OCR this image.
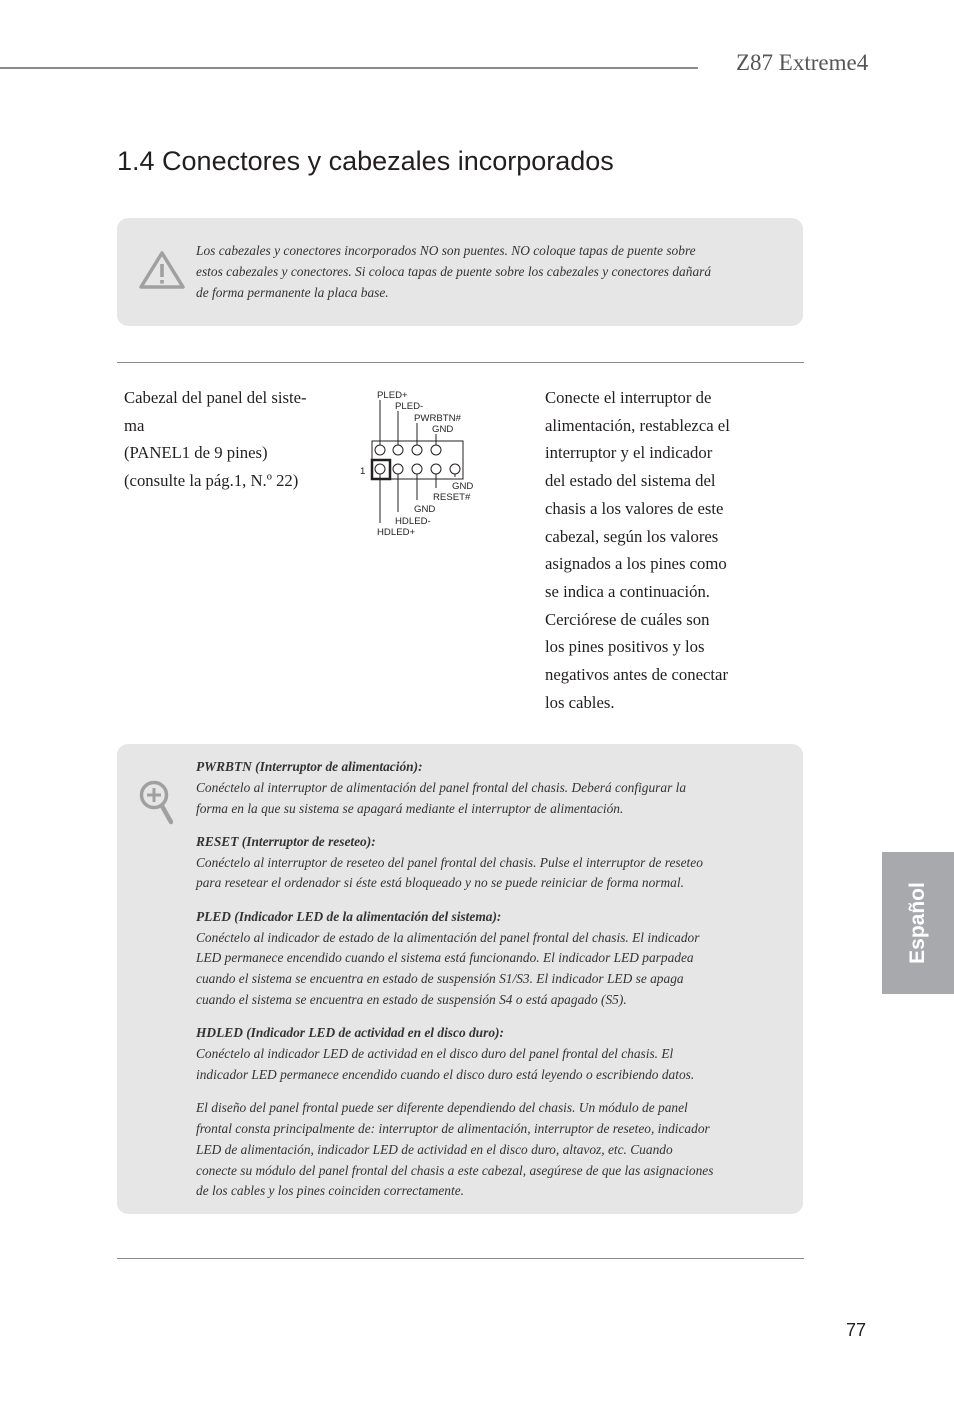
Z87 Extreme4
1.4 Conectores y cabezales incorporados
Los cabezales y conectores incorporados NO son puentes. NO coloque tapas de puente sobre
estos cabezales y conectores. Si coloca tapas de puente sobre los cabezales y conectores dañará
de forma permanente la placa base.
Cabezal del panel del siste-
ma
(PANEL1 de 9 pines)
(consulte la pág.1, N.º 22)
PLED+
PLED-
PWRBTN#
GND
1
GND
RESET#
GND
HDLED-
HDLED+
Conecte el interruptor de
alimentación, restablezca el
interruptor y el indicador
del estado del sistema del
chasis a los valores de este
cabezal, según los valores
asignados a los pines como
se indica a continuación.
Cerciórese de cuáles son
los pines positivos y los
negativos antes de conectar
los cables.
PWRBTN (Interruptor de alimentación):
Conéctelo al interruptor de alimentación del panel frontal del chasis. Deberá configurar la
forma en la que su sistema se apagará mediante el interruptor de alimentación.
RESET (Interruptor de reseteo):
Conéctelo al interruptor de reseteo del panel frontal del chasis. Pulse el interruptor de reseteo
para resetear el ordenador si éste está bloqueado y no se puede reiniciar de forma normal.
PLED (Indicador LED de la alimentación del sistema):
Conéctelo al indicador de estado de la alimentación del panel frontal del chasis. El indicador
LED permanece encendido cuando el sistema está funcionando. El indicador LED parpadea
cuando el sistema se encuentra en estado de suspensión S1/S3. El indicador LED se apaga
cuando el sistema se encuentra en estado de suspensión S4 o está apagado (S5).
HDLED (Indicador LED de actividad en el disco duro):
Conéctelo al indicador LED de actividad en el disco duro del panel frontal del chasis. El
indicador LED permanece encendido cuando el disco duro está leyendo o escribiendo datos.
El diseño del panel frontal puede ser diferente dependiendo del chasis. Un módulo de panel
frontal consta principalmente de: interruptor de alimentación, interruptor de reseteo, indicador
LED de alimentación, indicador LED de actividad en el disco duro, altavoz, etc. Cuando
conecte su módulo del panel frontal del chasis a este cabezal, asegúrese de que las asignaciones
de los cables y los pines coinciden correctamente.
Español
77
